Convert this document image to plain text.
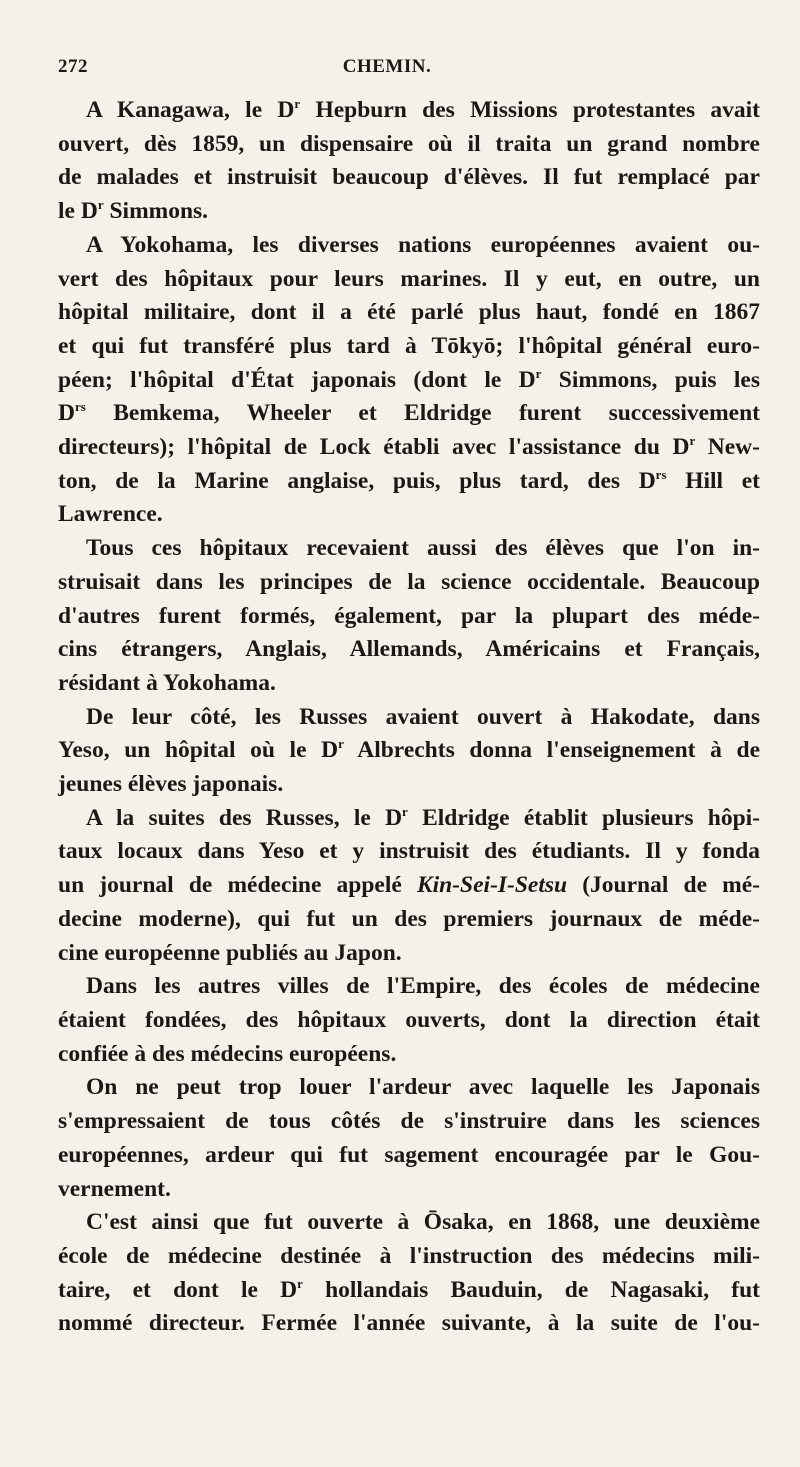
272	CHEMIN.
A Kanagawa, le $D^r$ Hepburn des Missions protestantes avait
ouvert, dès 1859, un dispensaire où il traita un grand nombre
de malades et instruisit beaucoup d'élèves. Il fut remplacé par
le $D^r$ Simmons.
A Yokohama, les diverses nations européennes avaient ou-
vert des hôpitaux pour leurs marines. Il y eut, en outre, un
hôpital militaire, dont il a été parlé plus haut, fondé en 1867
et qui fut transféré plus tard à Tōkyō; l'hôpital général euro-
péen; l'hôpital d'État japonais (dont le $D^r$ Simmons, puis les
$D^{rs}$ Bemkema, Wheeler et Eldridge furent successivement
directeurs); l'hôpital de Lock établi avec l'assistance du $D^r$ New-
ton, de la Marine anglaise, puis, plus tard, des $D^{rs}$ Hill et
Lawrence.
Tous ces hôpitaux recevaient aussi des élèves que l'on in-
struisait dans les principes de la science occidentale. Beaucoup
d'autres furent formés, également, par la plupart des méde-
cins étrangers, Anglais, Allemands, Américains et Français,
résidant à Yokohama.
De leur côté, les Russes avaient ouvert à Hakodate, dans
Yeso, un hôpital où le $D^r$ Albrechts donna l'enseignement à de
jeunes élèves japonais.
A la suites des Russes, le $D^r$ Eldridge établit plusieurs hôpi-
taux locaux dans Yeso et y instruisit des étudiants. Il y fonda
un journal de médecine appelé Kin-Sei-I-Setsu (Journal de mé-
decine moderne), qui fut un des premiers journaux de méde-
cine européenne publiés au Japon.
Dans les autres villes de l'Empire, des écoles de médecine
étaient fondées, des hôpitaux ouverts, dont la direction était
confiée à des médecins européens.
On ne peut trop louer l'ardeur avec laquelle les Japonais
s'empressaient de tous côtés de s'instruire dans les sciences
européennes, ardeur qui fut sagement encouragée par le Gou-
vernement.
C'est ainsi que fut ouverte à Ōsaka, en 1868, une deuxième
école de médecine destinée à l'instruction des médecins mili-
taire, et dont le $D^r$ hollandais Bauduin, de Nagasaki, fut
nommé directeur. Fermée l'année suivante, à la suite de l'ou-
